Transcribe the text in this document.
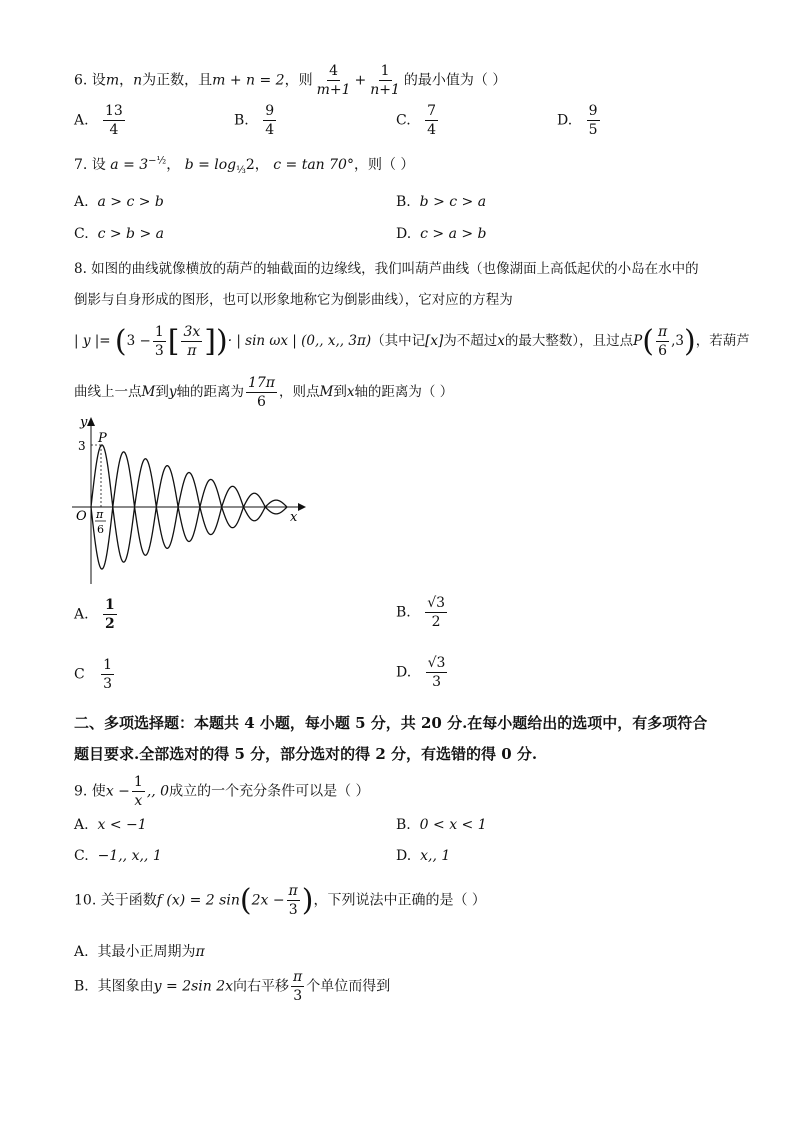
6. 设m，n为正数，且m + n = 2，则 $\frac{4}{m+1} + \frac{1}{n+1}$ 的最小值为（ ）
A. $\frac{13}{4}$	B. $\frac{9}{4}$	C. $\frac{7}{4}$	D. $\frac{9}{5}$
7. 设 $a = 3^{-\frac{1}{2}}$， $b = \log_{\frac{1}{3}}2$， c = tan 70°，则（ ）
A. a > c > b	B. b > c > a
C. c > b > a	D. c > a > b
8. 如图的曲线就像横放的葫芦的轴截面的边缘线，我们叫葫芦曲线（也像湖面上高低起伏的小岛在水中的
倒影与自身形成的图形，也可以形象地称它为倒影曲线），它对应的方程为
| y |= ($3 - \frac{1}{3}$ [ $\frac{3x}{\pi}$ ])· | sin ωx | (0,, x,, 3π)（其中记[x]为不超过x的最大整数），且过点$P( \frac{\pi}{6} ,3)$，若葫芦
曲线上一点M到y轴的距离为 $\frac{17\pi}{6}$ ，则点M到x轴的距离为（ ）
y
x
O
P
3
π
6
A. $\frac{1}{2}$	B. $\frac{√3}{2}$
C $\frac{1}{3}$	D. $\frac{√3}{3}$
二、多项选择题：本题共 4 小题，每小题 5 分，共 20 分.在每小题给出的选项中，有多项符合
题目要求.全部选对的得 5 分，部分选对的得 2 分，有选错的得 0 分.
9. 使$x - \frac{1}{x}$ ,, 0成立的一个充分条件可以是（ ）
A. x < −1	B. 0 < x < 1
C. −1,, x,, 1	D. x,, 1
10. 关于函数f (x) = 2 $\sin(2x - \frac{\pi}{3}$ )，下列说法中正确的是（ ）
A. 其最小正周期为π
B. 其图象由y = 2sin 2x向右平移 $\frac{\pi}{3}$ 个单位而得到
